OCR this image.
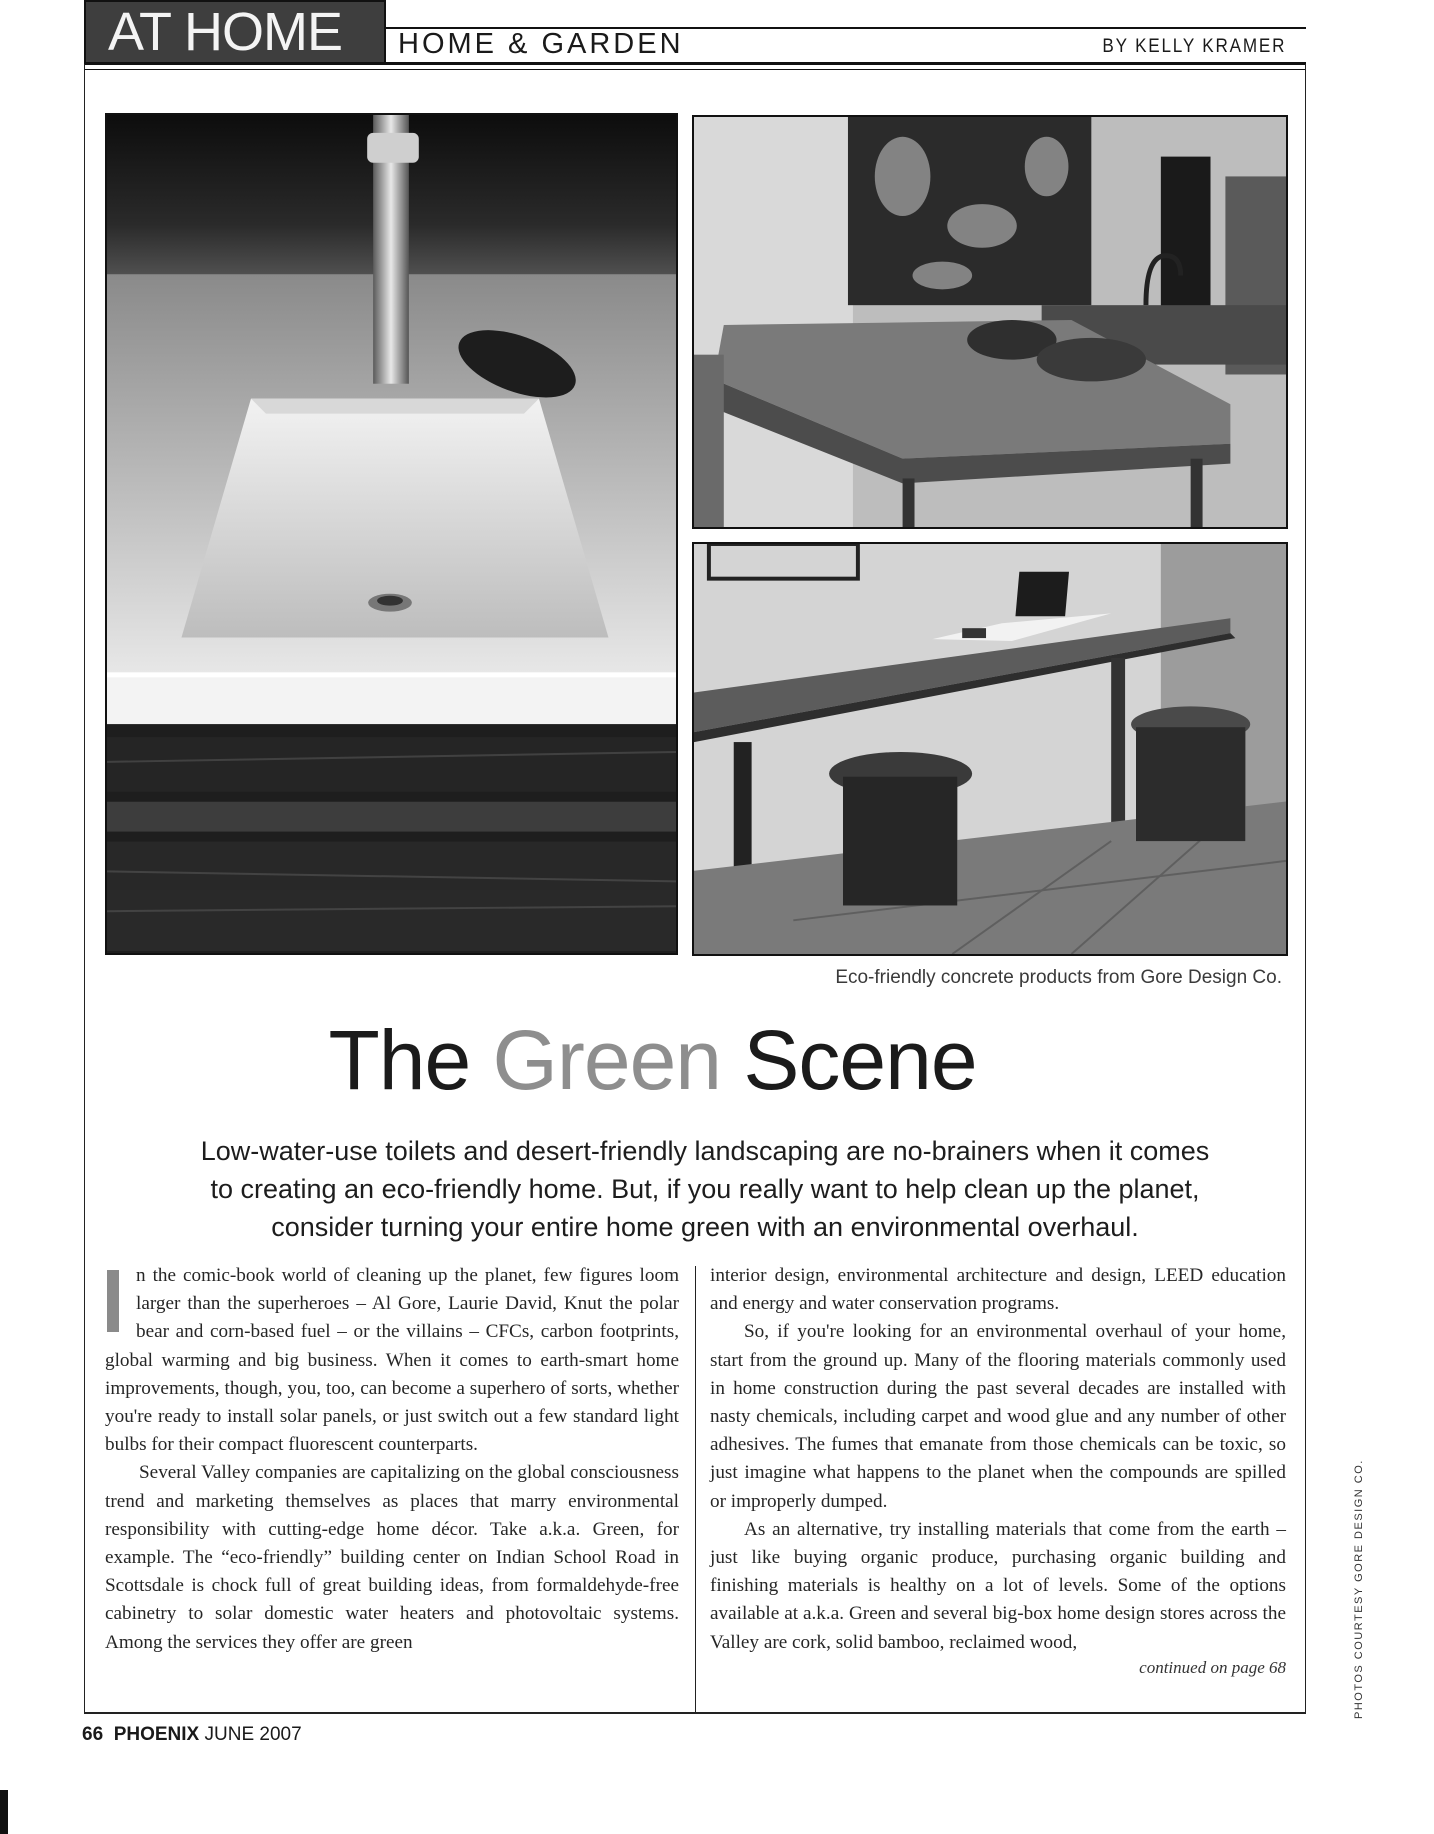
AT HOME HOME & GARDEN	BY KELLY KRAMER
Eco-friendly concrete products from Gore Design Co.
The Green Scene
Low-water-use toilets and desert-friendly landscaping are no-brainers when it comes
to creating an eco-friendly home. But, if you really want to help clean up the planet,
consider turning your entire home green with an environmental overhaul.

n the comic-book world of cleaning up the planet, few figures loom larger than the superheroes – Al Gore, Laurie David, Knut the polar bear and corn-based fuel – or the villains – CFCs, carbon footprints, global warming and big business. When it comes to earth-smart home improvements, though, you, too, can become a superhero of sorts, whether you're ready to install solar panels, or just switch out a few standard light bulbs for their compact fluorescent counterparts.

Several Valley companies are capitalizing on the global consciousness trend and marketing themselves as places that marry environmental responsibility with cutting-edge home décor. Take a.k.a. Green, for example. The “eco-friendly” building center on Indian School Road in Scottsdale is chock full of great building ideas, from formaldehyde-free cabinetry to solar domestic water heaters and photovoltaic systems. Among the services they offer are green

interior design, environmental architecture and design, LEED education and energy and water conservation programs.

So, if you're looking for an environmental overhaul of your home, start from the ground up. Many of the flooring materials commonly used in home construction during the past several decades are installed with nasty chemicals, including carpet and wood glue and any number of other adhesives. The fumes that emanate from those chemicals can be toxic, so just imagine what happens to the planet when the compounds are spilled or improperly dumped.

As an alternative, try installing materials that come from the earth – just like buying organic produce, purchasing organic building and finishing materials is healthy on a lot of levels. Some of the options available at a.k.a. Green and several big-box home design stores across the Valley are cork, solid bamboo, reclaimed wood,

continued on page 68
66 PHOENIX JUNE 2007
PHOTOS COURTESY GORE DESIGN CO.
